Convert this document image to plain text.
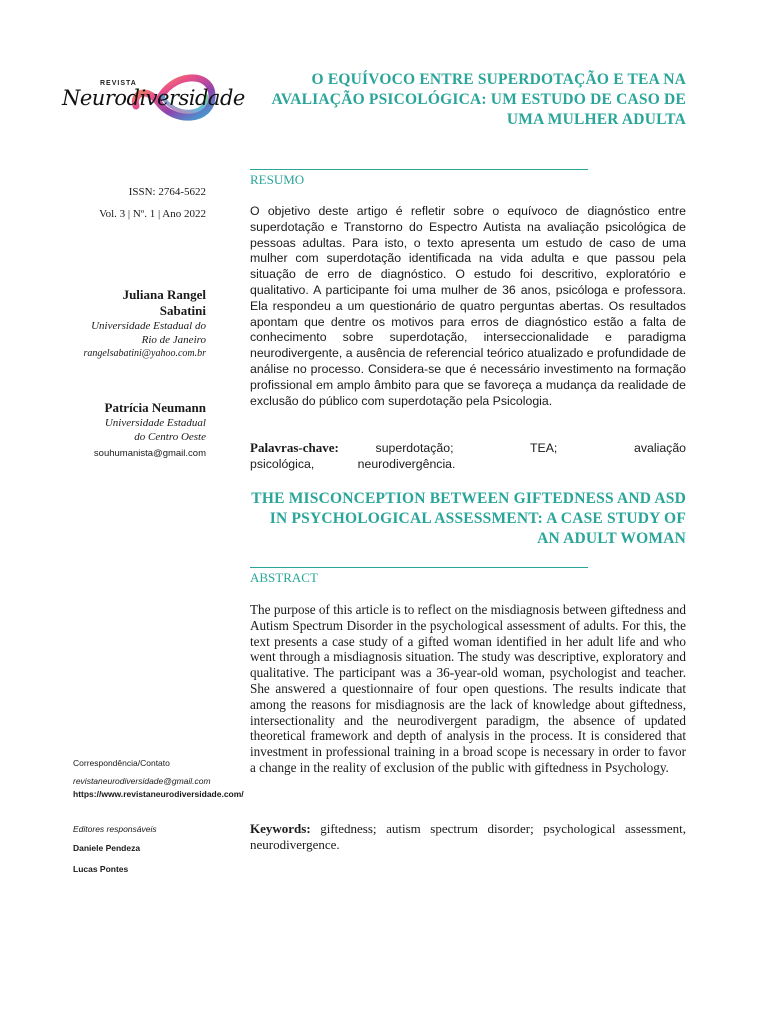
REVISTA
Neurodiversidade
O EQUÍVOCO ENTRE SUPERDOTAÇÃO E TEA NA AVALIAÇÃO PSICOLÓGICA: UM ESTUDO DE CASO DE UMA MULHER ADULTA
ISSN: 2764-5622
Vol. 3 | Nº. 1 | Ano 2022
Juliana Rangel
Sabatini
Universidade Estadual do
Rio de Janeiro
rangelsabatini@yahoo.com.br
Patrícia Neumann
Universidade Estadual
do Centro Oeste
souhumanista@gmail.com
Correspondência/Contato
revistaneurodiversidade@gmail.com
https://www.revistaneurodiversidade.com/
Editores responsáveis
Daniele Pendeza
Lucas Pontes
RESUMO

O objetivo deste artigo é refletir sobre o equívoco de diagnóstico entre superdotação e Transtorno do Espectro Autista na avaliação psicológica de pessoas adultas. Para isto, o texto apresenta um estudo de caso de uma mulher com superdotação identificada na vida adulta e que passou pela situação de erro de diagnóstico. O estudo foi descritivo, exploratório e qualitativo. A participante foi uma mulher de 36 anos, psicóloga e professora. Ela respondeu a um questionário de quatro perguntas abertas. Os resultados apontam que dentre os motivos para erros de diagnóstico estão a falta de conhecimento sobre superdotação, interseccionalidade e paradigma neurodivergente, a ausência de referencial teórico atualizado e profundidade de análise no processo. Considera-se que é necessário investimento na formação profissional em amplo âmbito para que se favoreça a mudança da realidade de exclusão do público com superdotação pela Psicologia.

Palavras-chave:	superdotação; TEA; avaliação psicológica, neurodivergência.

THE MISCONCEPTION BETWEEN GIFTEDNESS AND ASD IN PSYCHOLOGICAL ASSESSMENT: A CASE STUDY OF AN ADULT WOMAN
ABSTRACT

The purpose of this article is to reflect on the misdiagnosis between giftedness and Autism Spectrum Disorder in the psychological assessment of adults. For this, the text presents a case study of a gifted woman identified in her adult life and who went through a misdiagnosis situation. The study was descriptive, exploratory and qualitative. The participant was a 36-year-old woman, psychologist and teacher. She answered a questionnaire of four open questions. The results indicate that among the reasons for misdiagnosis are the lack of knowledge about giftedness, intersectionality and the neurodivergent paradigm, the absence of updated theoretical framework and depth of analysis in the process. It is considered that investment in professional training in a broad scope is necessary in order to favor a change in the reality of exclusion of the public with giftedness in Psychology.

Keywords: giftedness; autism spectrum disorder; psychological assessment, neurodivergence.
